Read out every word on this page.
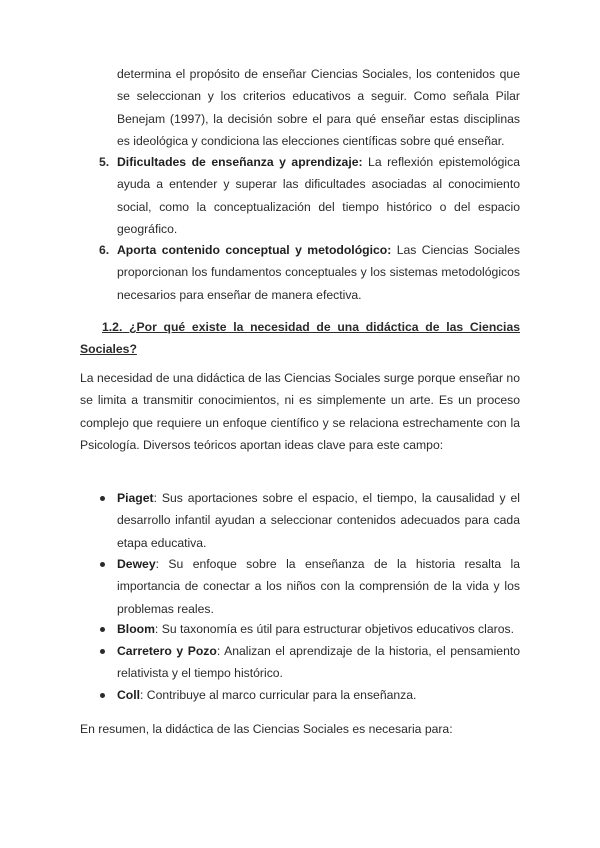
determina el propósito de enseñar Ciencias Sociales, los contenidos que se seleccionan y los criterios educativos a seguir. Como señala Pilar Benejam (1997), la decisión sobre el para qué enseñar estas disciplinas es ideológica y condiciona las elecciones científicas sobre qué enseñar.

5. Dificultades de enseñanza y aprendizaje: La reflexión epistemológica ayuda a entender y superar las dificultades asociadas al conocimiento social, como la conceptualización del tiempo histórico o del espacio geográfico.
6. Aporta contenido conceptual y metodológico: Las Ciencias Sociales proporcionan los fundamentos conceptuales y los sistemas metodológicos necesarios para enseñar de manera efectiva.
1.2. ¿Por qué existe la necesidad de una didáctica de las Ciencias Sociales?

La necesidad de una didáctica de las Ciencias Sociales surge porque enseñar no se limita a transmitir conocimientos, ni es simplemente un arte. Es un proceso complejo que requiere un enfoque científico y se relaciona estrechamente con la Psicología. Diversos teóricos aportan ideas clave para este campo:

Piaget: Sus aportaciones sobre el espacio, el tiempo, la causalidad y el desarrollo infantil ayudan a seleccionar contenidos adecuados para cada etapa educativa.
Dewey: Su enfoque sobre la enseñanza de la historia resalta la importancia de conectar a los niños con la comprensión de la vida y los problemas reales.
Bloom: Su taxonomía es útil para estructurar objetivos educativos claros.
Carretero y Pozo: Analizan el aprendizaje de la historia, el pensamiento relativista y el tiempo histórico.
Coll: Contribuye al marco curricular para la enseñanza.

En resumen, la didáctica de las Ciencias Sociales es necesaria para:
